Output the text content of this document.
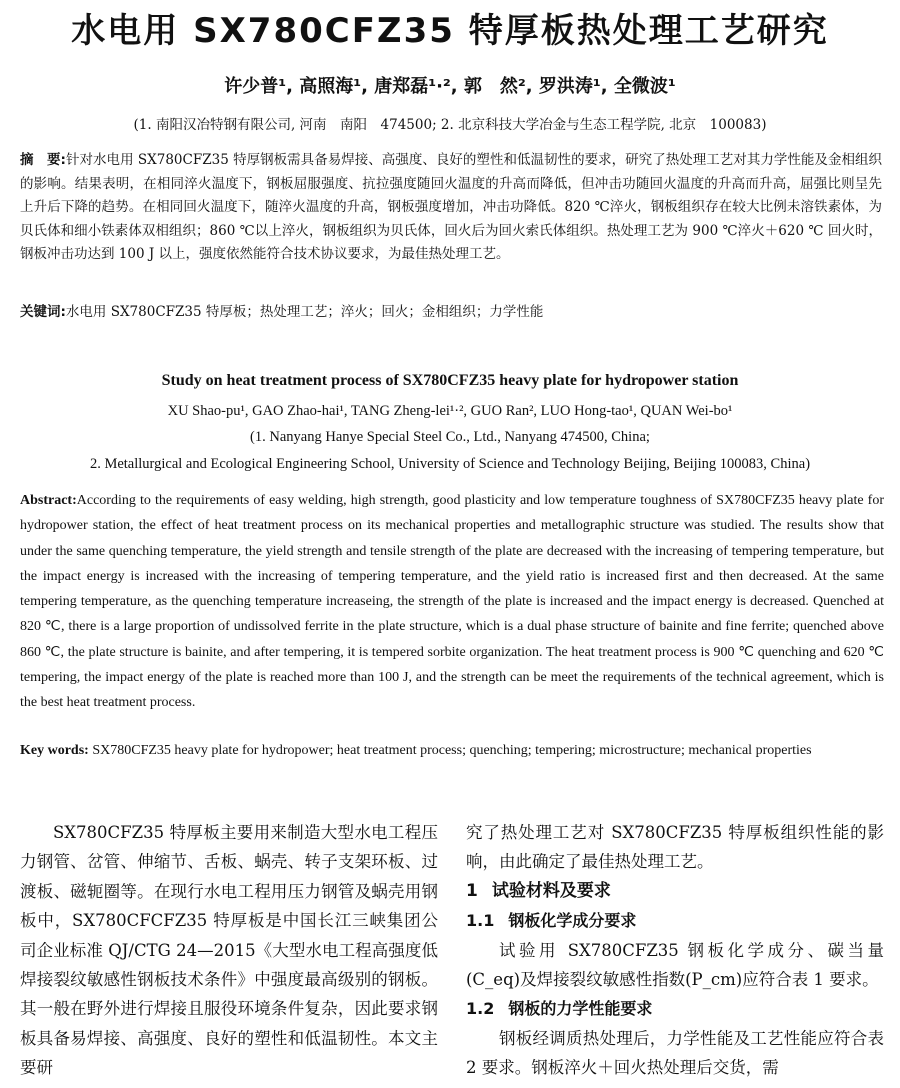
水电用 SX780CFZ35 特厚板热处理工艺研究
许少普¹, 高照海¹, 唐郑磊¹·², 郭　然², 罗洪涛¹, 全微波¹
(1. 南阳汉冶特钢有限公司, 河南　南阳　474500; 2. 北京科技大学冶金与生态工程学院, 北京　100083)
摘　要:针对水电用 SX780CFZ35 特厚钢板需具备易焊接、高强度、良好的塑性和低温韧性的要求，研究了热处理工艺对其力学性能及金相组织的影响。结果表明，在相同淬火温度下，钢板屈服强度、抗拉强度随回火温度的升高而降低，但冲击功随回火温度的升高而升高，屈强比则呈先上升后下降的趋势。在相同回火温度下，随淬火温度的升高，钢板强度增加，冲击功降低。820 ℃淬火，钢板组织存在较大比例未溶铁素体，为贝氏体和细小铁素体双相组织；860 ℃以上淬火，钢板组织为贝氏体，回火后为回火索氏体组织。热处理工艺为 900 ℃淬火＋620 ℃ 回火时，钢板冲击功达到 100 J 以上，强度依然能符合技术协议要求，为最佳热处理工艺。
关键词:水电用 SX780CFZ35 特厚板；热处理工艺；淬火；回火；金相组织；力学性能
Study on heat treatment process of SX780CFZ35 heavy plate for hydropower station
XU Shao-pu¹, GAO Zhao-hai¹, TANG Zheng-lei¹·², GUO Ran², LUO Hong-tao¹, QUAN Wei-bo¹
(1. Nanyang Hanye Special Steel Co., Ltd., Nanyang 474500, China;
2. Metallurgical and Ecological Engineering School, University of Science and Technology Beijing, Beijing 100083, China)
Abstract:According to the requirements of easy welding, high strength, good plasticity and low temperature toughness of SX780CFZ35 heavy plate for hydropower station, the effect of heat treatment process on its mechanical properties and metallographic structure was studied. The results show that under the same quenching temperature, the yield strength and tensile strength of the plate are decreased with the increasing of tempering temperature, but the impact energy is increased with the increasing of tempering temperature, and the yield ratio is increased first and then decreased. At the same tempering temperature, as the quenching temperature increaseing, the strength of the plate is increased and the impact energy is decreased. Quenched at 820 ℃, there is a large proportion of undissolved ferrite in the plate structure, which is a dual phase structure of bainite and fine ferrite; quenched above 860 ℃, the plate structure is bainite, and after tempering, it is tempered sorbite organization. The heat treatment process is 900 ℃ quenching and 620 ℃ tempering, the impact energy of the plate is reached more than 100 J, and the strength can be meet the requirements of the technical agreement, which is the best heat treatment process.
Key words: SX780CFZ35 heavy plate for hydropower; heat treatment process; quenching; tempering; microstructure; mechanical properties

SX780CFZ35 特厚板主要用来制造大型水电工程压力钢管、岔管、伸缩节、舌板、蜗壳、转子支架环板、过渡板、磁轭圈等。在现行水电工程用压力钢管及蜗壳用钢板中，SX780CFCFZ35 特厚板是中国长江三峡集团公司企业标准 QJ/CTG 24—2015《大型水电工程高强度低焊接裂纹敏感性钢板技术条件》中强度最高级别的钢板。其一般在野外进行焊接且服役环境条件复杂，因此要求钢板具备易焊接、高强度、良好的塑性和低温韧性。本文主要研

究了热处理工艺对 SX780CFZ35 特厚板组织性能的影响，由此确定了最佳热处理工艺。

1 试验材料及要求
1.1 钢板化学成分要求

试验用 SX780CFZ35 钢板化学成分、碳当量(C_eq)及焊接裂纹敏感性指数(P_cm)应符合表 1 要求。

1.2 钢板的力学性能要求

钢板经调质热处理后，力学性能及工艺性能应符合表 2 要求。钢板淬火＋回火热处理后交货，需
